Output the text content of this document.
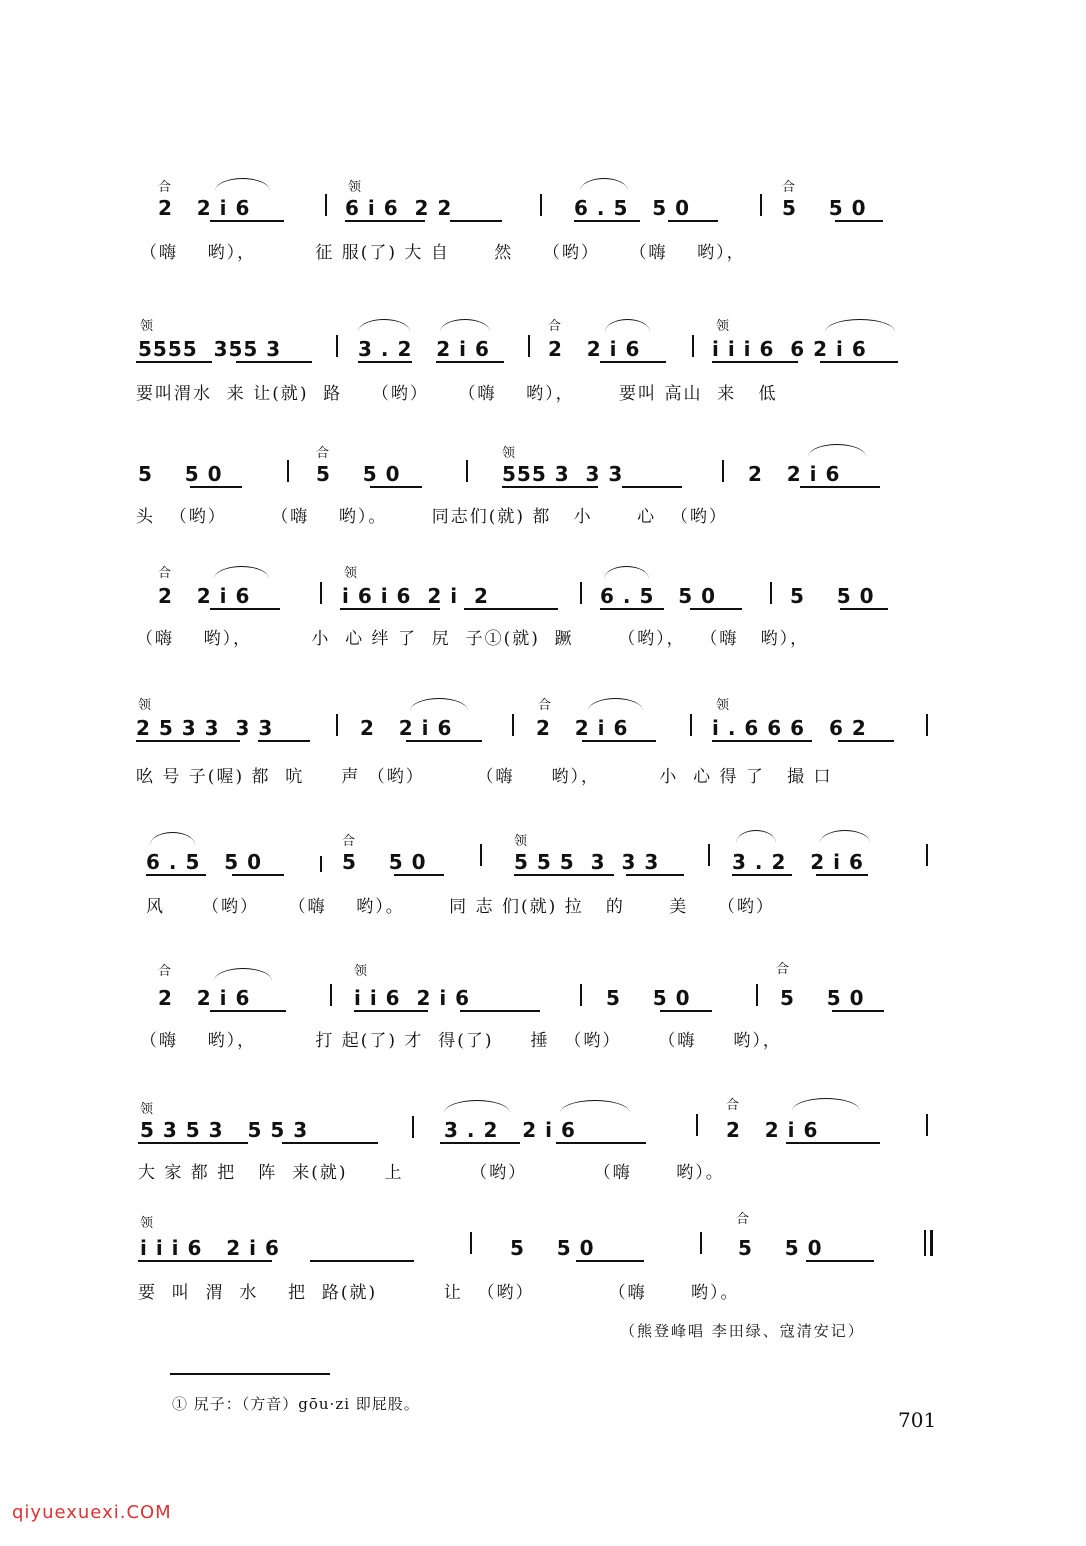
合	领	合
2   2 i 6	6 i 6  2 2	6 . 5   5 0	5    5 0
（嗨    哟），        征 服(了) 大 自      然    （哟）    （嗨    哟），
领	合	领
5555  355 3	3 . 2   2 i 6	2   2 i 6	i i i 6  6 2 i 6
要叫渭水  来 让(就)  路    （哟）    （嗨    哟），      要叫 高山  来   低
合	领
5    5 0	5    5 0	555 3  3 3	2   2 i 6
头  （哟）      （嗨    哟）。      同志们(就) 都   小      心  （哟）
合	领
2   2 i 6	i 6 i 6  2 i  2	6 . 5   5 0	5    5 0
（嗨    哟），        小  心 绊 了  尻  子①(就)  蹶      （哟），  （嗨   哟），
领	合	领
2 5 3 3  3 3	2   2 i 6	2   2 i 6	i . 6 6 6   6 2
吆 号 子(喔) 都  吭     声 （哟）       （嗨     哟），        小  心 得 了   撮 口
合	领
6 . 5   5 0	5    5 0	5 5 5  3  3 3	3 . 2   2 i 6
风     （哟）    （嗨    哟）。      同 志 们(就) 拉   的      美    （哟）
合	领	合
2   2 i 6	i i 6  2 i 6	5    5 0	5    5 0
（嗨    哟），        打 起(了) 才  得(了)     捶  （哟）     （嗨     哟），
领	合
5 3 5 3   5 5 3	3 . 2   2 i 6	2   2 i 6
大 家 都 把   阵  来(就)     上         （哟）         （嗨      哟）。
领	合
i i i 6   2 i 6	5    5 0	5    5 0
要  叫  渭  水    把  路(就)         让  （哟）          （嗨      哟）。
（熊登峰唱 李田绿、寇清安记）
① 尻子：（方音）gōu·zi 即屁股。
701
qiyuexuexi.COM
